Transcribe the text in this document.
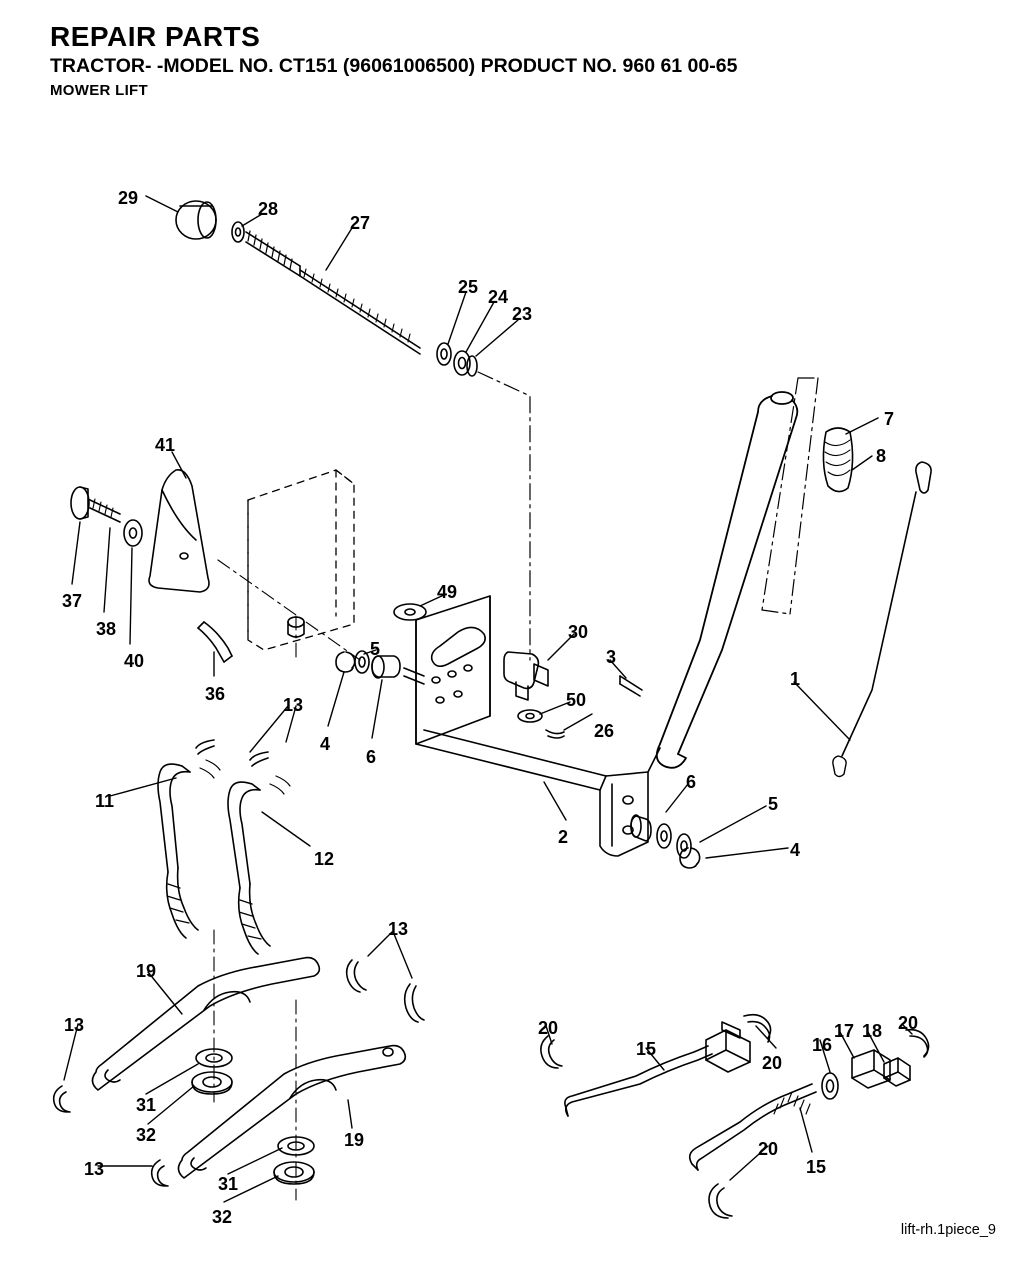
REPAIR PARTS
TRACTOR- -MODEL NO. CT151 (96061006500) PRODUCT NO. 960 61 00-65
MOWER LIFT
29
28
27
25 24
23
7
8
41
37
38
40
36
49
5
30
3
1
50
26
4
6
13
11
12
2
6
5
4
13
19
13	20
15
17 18 20
16
20
31
32	19	20
15
13
31
32
lift-rh.1piece_9
